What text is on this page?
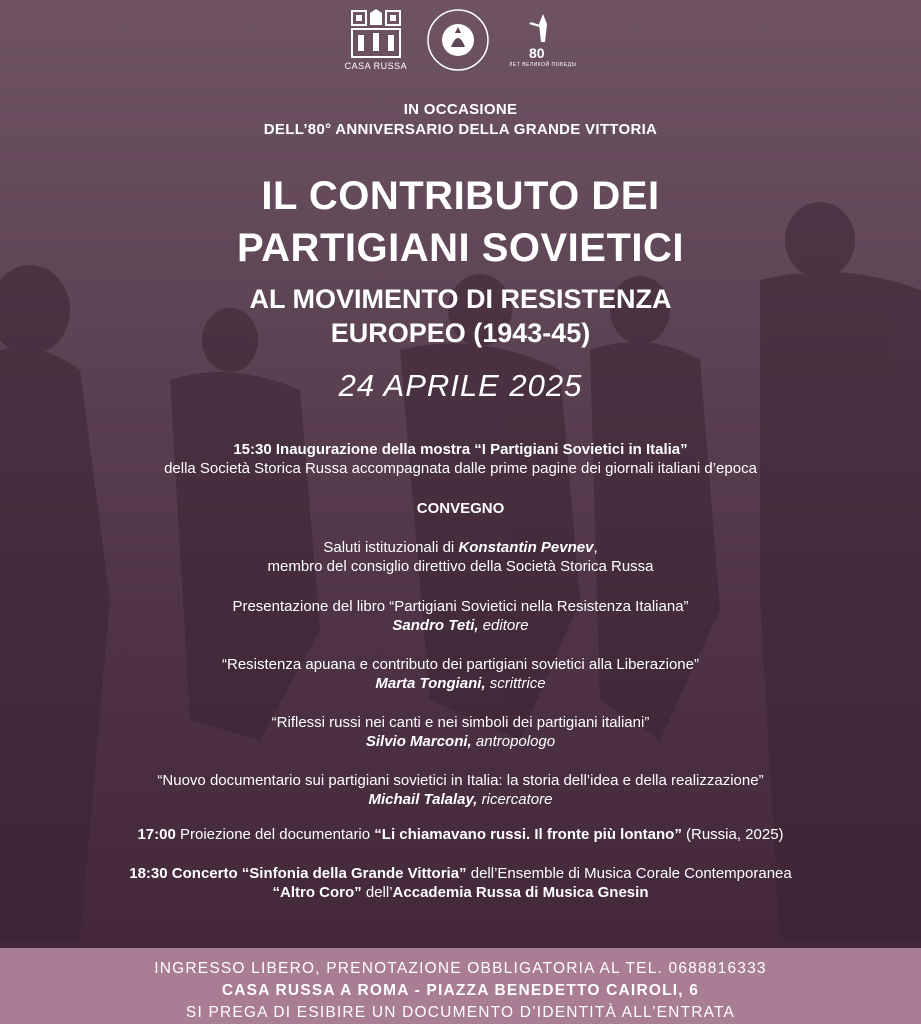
CASA RUSSA
80
ЛЕТ ВЕЛИКОЙ ПОБЕДЫ
IN OCCASIONE
DELL’80° ANNIVERSARIO DELLA GRANDE VITTORIA
IL CONTRIBUTO DEI
PARTIGIANI SOVIETICI
AL MOVIMENTO DI RESISTENZA
EUROPEO (1943-45)
24 APRILE 2025
15:30 Inaugurazione della mostra “I Partigiani Sovietici in Italia”
della Società Storica Russa accompagnata dalle prime pagine dei giornali italiani d’epoca
CONVEGNO
Saluti istituzionali di Konstantin Pevnev,
membro del consiglio direttivo della Società Storica Russa
Presentazione del libro “Partigiani Sovietici nella Resistenza Italiana”
Sandro Teti, editore
“Resistenza apuana e contributo dei partigiani sovietici alla Liberazione”
Marta Tongiani, scrittrice
“Riflessi russi nei canti e nei simboli dei partigiani italiani”
Silvio Marconi, antropologo
“Nuovo documentario sui partigiani sovietici in Italia: la storia dell’idea e della realizzazione”
Michail Talalay, ricercatore
17:00 Proiezione del documentario “Li chiamavano russi. Il fronte più lontano” (Russia, 2025)
18:30 Concerto “Sinfonia della Grande Vittoria” dell’Ensemble di Musica Corale Contemporanea
“Altro Coro” dell’Accademia Russa di Musica Gnesin
INGRESSO LIBERO, PRENOTAZIONE OBBLIGATORIA AL TEL. 0688816333
CASA RUSSA A ROMA - PIAZZA BENEDETTO CAIROLI, 6
SI PREGA DI ESIBIRE UN DOCUMENTO D’IDENTITÀ ALL’ENTRATA
